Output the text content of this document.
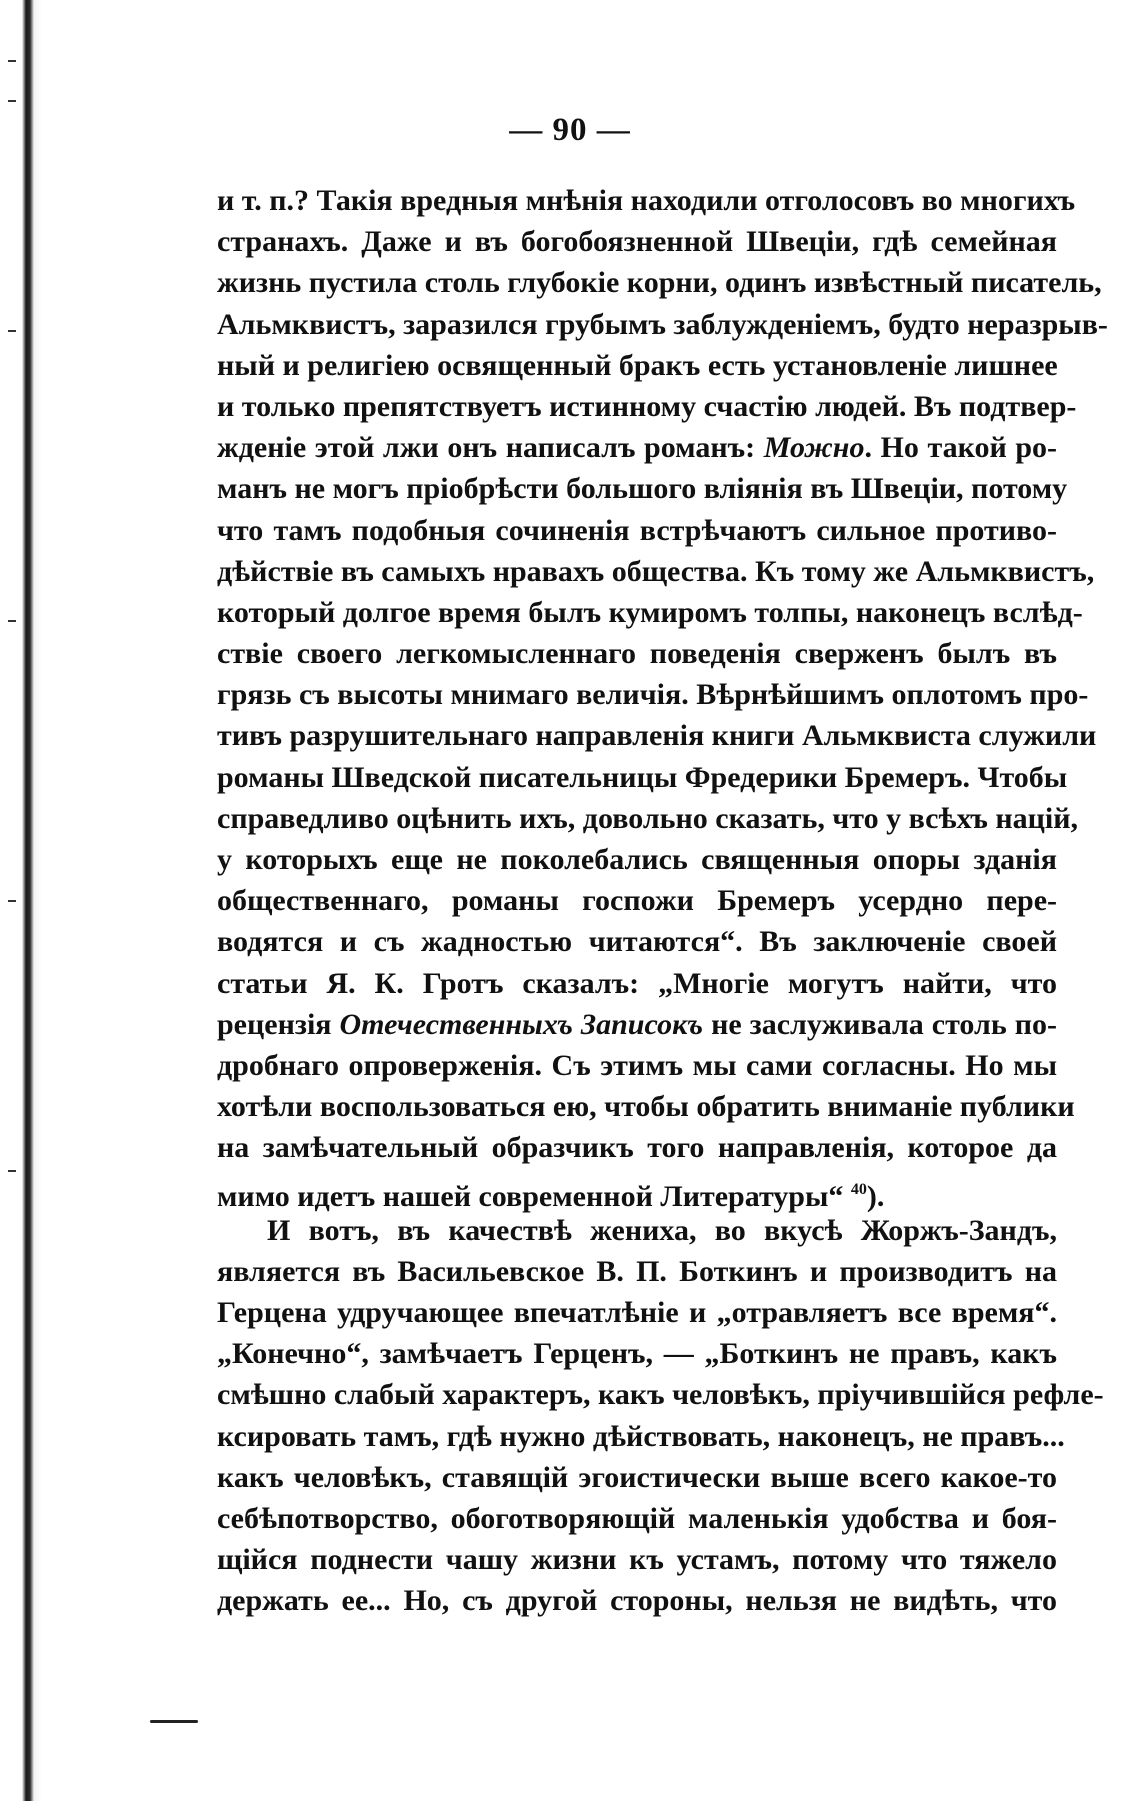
— 90 —
и т. п.? Такія вредныя мнѣнія находили отголосовъ во многихъ
странахъ. Даже и въ богобоязненной Швеціи, гдѣ семейная
жизнь пустила столь глубокіе корни, одинъ извѣстный писатель,
Альмквистъ, заразился грубымъ заблужденіемъ, будто неразрыв-
ный и религіею освященный бракъ есть установленіе лишнее
и только препятствуетъ истинному счастію людей. Въ подтвер-
жденіе этой лжи онъ написалъ романъ: Можно. Но такой ро-
манъ не могъ пріобрѣсти большого вліянія въ Швеціи, потому
что тамъ подобныя сочиненія встрѣчаютъ сильное противо-
дѣйствіе въ самыхъ нравахъ общества. Къ тому же Альмквистъ,
который долгое время былъ кумиромъ толпы, наконецъ вслѣд-
ствіе своего легкомысленнаго поведенія сверженъ былъ въ
грязь съ высоты мнимаго величія. Вѣрнѣйшимъ оплотомъ про-
тивъ разрушительнаго направленія книги Альмквиста служили
романы Шведской писательницы Фредерики Бремеръ. Чтобы
справедливо оцѣнить ихъ, довольно сказать, что у всѣхъ націй,
у которыхъ еще не поколебались священныя опоры зданія
общественнаго, романы госпожи Бремеръ усердно пере-
водятся и съ жадностью читаются“. Въ заключеніе своей
статьи Я. К. Гротъ сказалъ: „Многіе могутъ найти, что
рецензія Отечественныхъ Записокъ не заслуживала столь по-
дробнаго опроверженія. Съ этимъ мы сами согласны. Но мы
хотѣли воспользоваться ею, чтобы обратить вниманіе публики
на замѣчательный образчикъ того направленія, которое да
мимо идетъ нашей современной Литературы“ $^{40}$).
И вотъ, въ качествѣ жениха, во вкусѣ Жоржъ-Зандъ,
является въ Васильевское В. П. Боткинъ и производитъ на
Герцена удручающее впечатлѣніе и „отравляетъ все время“.
„Конечно“, замѣчаетъ Герценъ, — „Боткинъ не правъ, какъ
смѣшно слабый характеръ, какъ человѣкъ, пріучившійся рефле-
ксировать тамъ, гдѣ нужно дѣйствовать, наконецъ, не правъ...
какъ человѣкъ, ставящій эгоистически выше всего какое-то
себѣпотворство, обоготворяющій маленькія удобства и боя-
щійся поднести чашу жизни къ устамъ, потому что тяжело
держать ее... Но, съ другой стороны, нельзя не видѣть, что
